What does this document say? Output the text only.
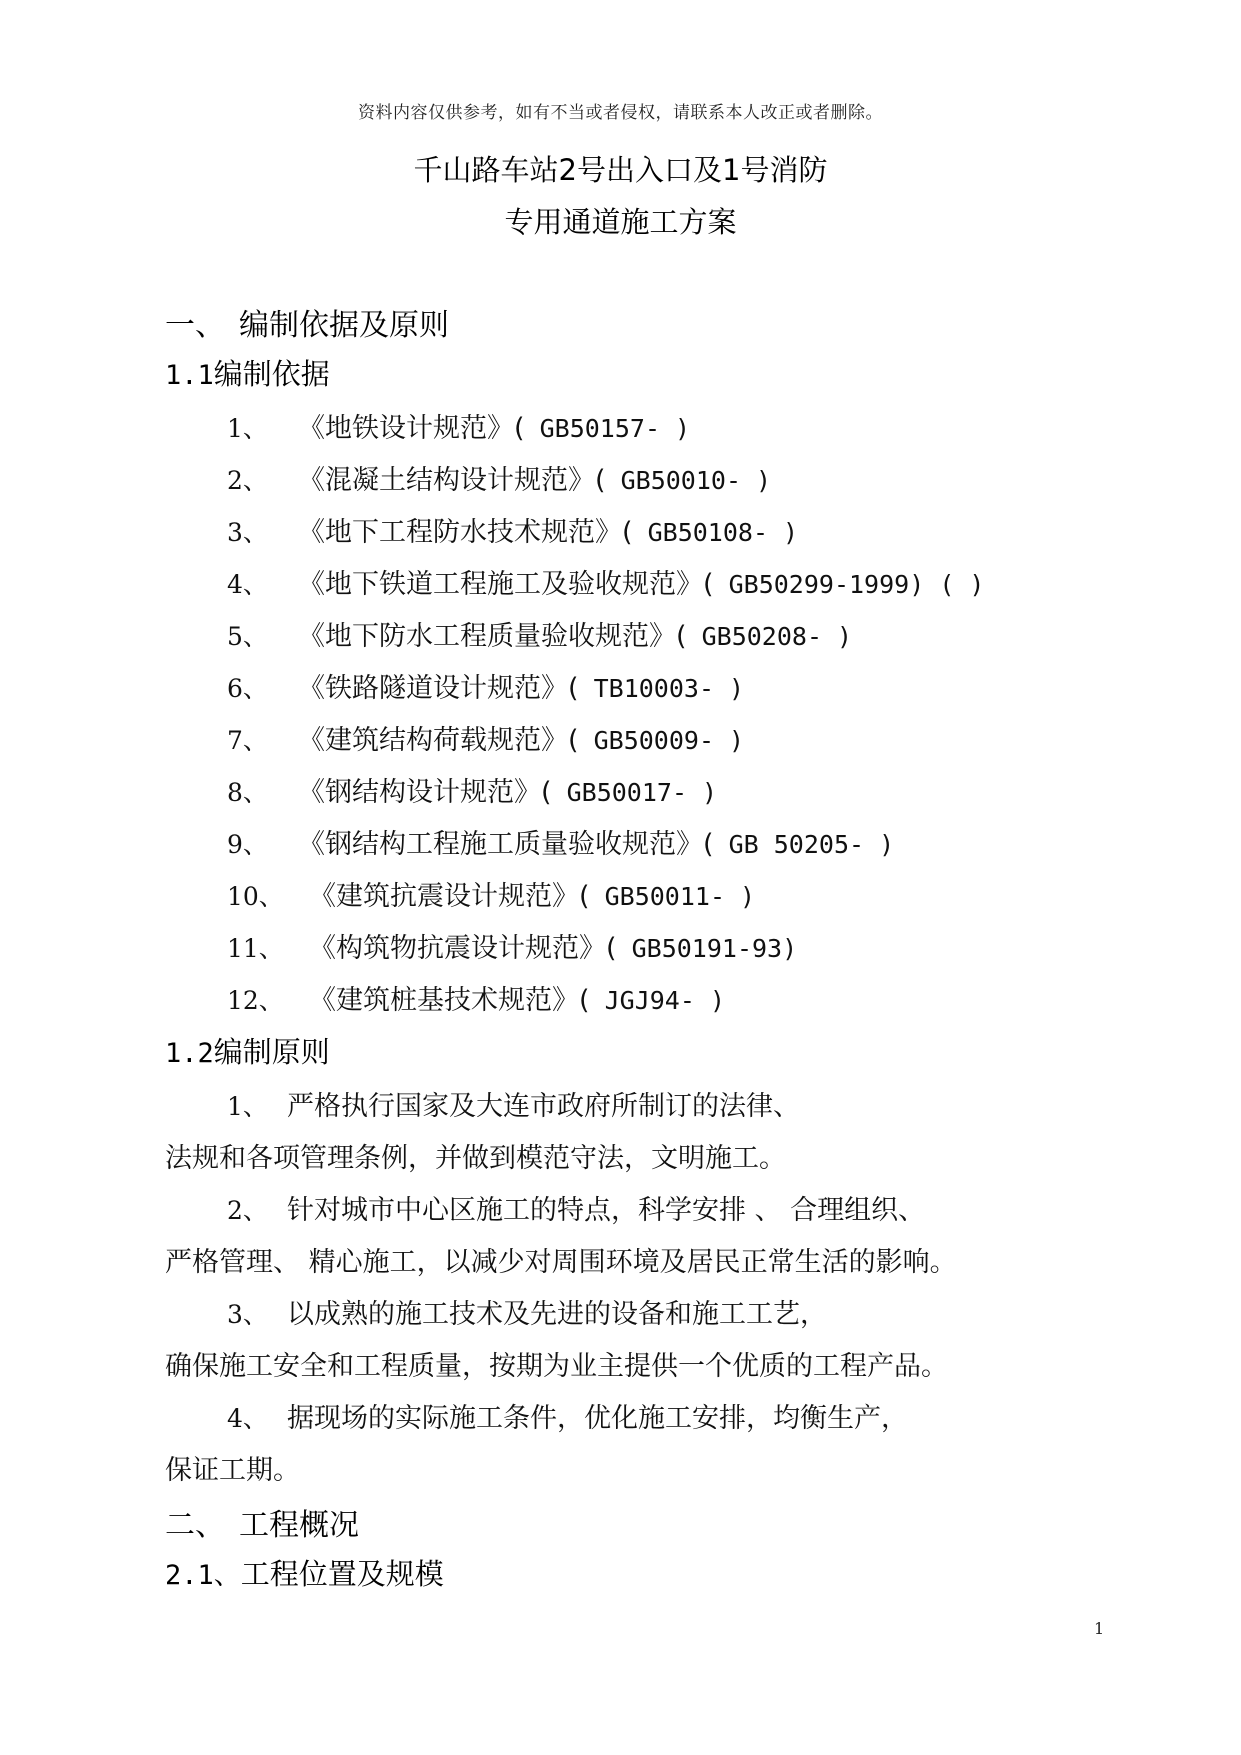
资料内容仅供参考，如有不当或者侵权，请联系本人改正或者删除。
千山路车站2号出入口及1号消防
专用通道施工方案
一、 编制依据及原则
1.1编制依据
1、 《地铁设计规范》( GB50157- )
2、 《混凝土结构设计规范》( GB50010- )
3、 《地下工程防水技术规范》( GB50108- )
4、 《地下铁道工程施工及验收规范》( GB50299-1999) ( )
5、 《地下防水工程质量验收规范》( GB50208- )
6、 《铁路隧道设计规范》( TB10003- )
7、 《建筑结构荷载规范》( GB50009- )
8、 《钢结构设计规范》( GB50017- )
9、 《钢结构工程施工质量验收规范》( GB 50205- )
10、 《建筑抗震设计规范》( GB50011- )
11、 《构筑物抗震设计规范》( GB50191-93)
12、 《建筑桩基技术规范》( JGJ94- )
1.2编制原则
1、 严格执行国家及大连市政府所制订的法律、
法规和各项管理条例，并做到模范守法，文明施工。
2、 针对城市中心区施工的特点，科学安排 、 合理组织、
严格管理、 精心施工，以减少对周围环境及居民正常生活的影响。
3、 以成熟的施工技术及先进的设备和施工工艺，
确保施工安全和工程质量，按期为业主提供一个优质的工程产品。
4、 据现场的实际施工条件，优化施工安排，均衡生产，
保证工期。
二、 工程概况
2.1、工程位置及规模
1
